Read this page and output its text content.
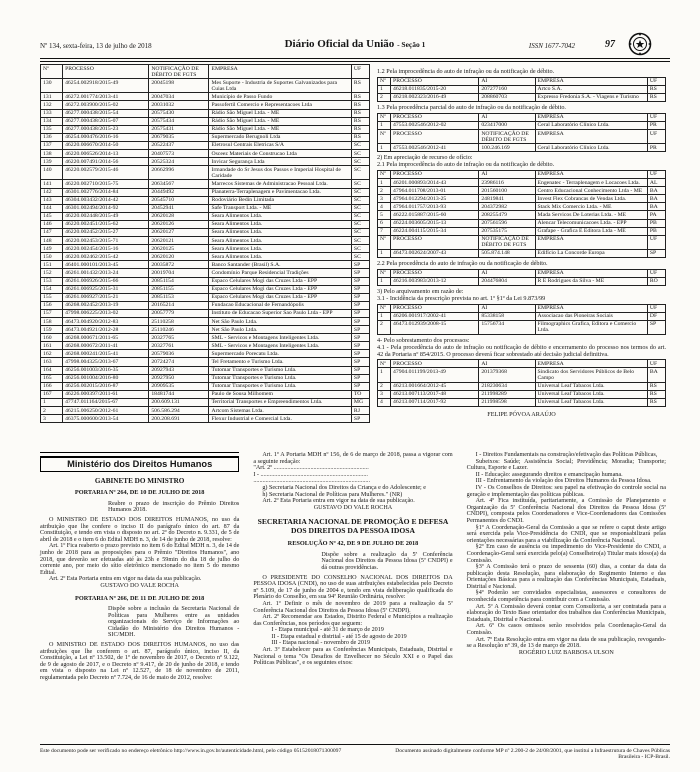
Nº 134, sexta-feira, 13 de julho de 2018	Diário Oficial da União - Seção 1	ISSN 1677-7042	97
130	46254.002918/2015-49	20045198	Mes Suporte - Industria de Suportes Galvanizados para Cuias Ltda	RS
131	46272.001774/2013-41	20047034	Município de Passo Fundo	RS
132	46272.003900/2015-02	20031032	Passofertil Comercio e Representacoes Ltda	RS
133	46277.000438/2015-54	20575430	Rádio São Miguel Ltda. - ME	RS
134	46277.000438/2015-07	20575434	Rádio São Miguel Ltda. - ME	RS
135	46277.000438/2015-23	20575431	Rádio São Miguel Ltda. - ME	RS
136	46254.000476/2016-16	20679035	Supermercado Berugnoli Ltda	RS
137	46220.006670/2014-50	20522437	Eletrosul Centrais Eletricas S/A	SC
138	46220.006526/2014-13	20407573	Osceez Materiais de Construcao Ltda	SC
139	46220.007491/2014-56	20525324	Invicar Segurança Ltda	SC
140	46220.002579/2015-46	20662996	Irmandade do Sr Jesus dos Passos e Imperial Hospital de Caridade	SC
141	46220.002710/2015-75	20634567	Marrecos Sistemas de Administracao Pessoal Ltda.	SC
142	46301.002776/2014-84	20449492	Planaterra-Terraplenagem e Pavimentacao Ltda.	SC
143	46304.003432/2014-42	20545710	Rodoviário Bedin Limitada	SC
144	46301.002494/2014-92	20452941	Safe Transport Ltda. - ME	SC
145	46220.002448/2015-49	20620128	Seara Alimentos Ltda.	SC
146	46220.002451/2015-62	20620126	Seara Alimentos Ltda.	SC
147	46220.002452/2015-27	20620127	Seara Alimentos Ltda.	SC
148	46220.002453/2015-71	20620121	Seara Alimentos Ltda.	SC
149	46220.002454/2015-16	20620125	Seara Alimentos Ltda.	SC
150	46220.002462/2015-42	20620120	Seara Alimentos Ltda.	SC
151	46401.000101/2013-45	20035872	Banco Santander (Brasil) S.A.	SP
152	46261.001432/2013-24	20019704	Condomínio Parque Residencial Tradições	SP
153	46261.006926/2015-66	20851154	Espaco Celulares Mogi das Cruzes Ltda - EPP	SP
154	46261.006925/2015-31	20851155	Espaco Celulares Mogi das Cruzes Ltda - EPP	SP
155	46261.006927/2015-21	20851153	Espaco Celulares Mogi das Cruzes Ltda - EPP	SP
156	46268.002452/2013-19	20165214	Fundacao Educacional de Fernandópolis	SP
157	47998.006225/2013-02	20057779	Instituto de Educacao Superior Sao Paulo Ltda - EPP	SP
158	46473.004920/2012-83	25110258	Net São Paulo Ltda.	SP
159	46473.004921/2012-28	25110246	Net São Paulo Ltda.	SP
160	46268.000671/2011-65	20327765	SML - Servicos e Montagens Inteligentes Ltda.	SP
161	46268.000672/2011-41	20327761	SML - Servicos e Montagens Inteligentes Ltda.	SP
162	46268.000241/2015-41	20579036	Supermercado Porecatu Ltda.	SP
163	47998.004325/2013-67	20724274	Tel Fretamento e Turismo Ltda.	SP
164	46256.001003/2016-35	20927943	Tutomar Transportes e Turismo Ltda.	SP
165	46256.001004/2016-80	20927950	Tutomar Transportes e Turismo Ltda.	SP
166	46256.002015/2016-87	20909535	Tutomar Transportes e Turismo Ltda.	SP
167	46226.000397/2011-61	18481744	Paulo de Sousa Milhomem	TO
Nº	PROCESSO	NOTIFICAÇÃO DE DÉBITO DE FGTS	EMPRESA	UF
1	47747.011164/2015-67	200.609.131	Territorial Transportes e Empreendimentos Ltda.	MG
2	46215.006250/2012-61	506.586.294	Artcom Sistemas Ltda.	RJ
3	46375.000600/2013-54	200.208.691	Flexur Industrial e Comercial Ltda.	SP
1.2 Pela improcedência do auto de infração ou da notificação de débito.
Nº	PROCESSO	AI	EMPRESA	UF
1	46218.011835/2015-20	207277160	Artco S.A.	RS
2	46218.002323/2016-49	208860703	Expresso Fredonia S.A. - Viagens e Turismo	RS
1.3 Pela procedência parcial do auto de infração ou da notificação de débito.
Nº	PROCESSO	AI	EMPRESA	UF
1	47553.002546/2012-02	023417000	Ceral Laboratório Clínico Ltda.	PR
Nº	PROCESSO	NOTIFICAÇÃO DE DÉBITO DE FGTS	EMPRESA	UF
1	47553.002546/2012-41	100.246.169	Ceral Laboratório Clínico Ltda.	PR
2) Em apreciação de recurso de ofício:
2.1 Pela improcedência do auto de infração ou da notificação de débito.
Nº	PROCESSO	AI	EMPRESA	UF
1	46201.000893/2014-43	23986116	Engenatec - Terraplenagem e Locacoes Ltda.	AL
2	47964.011708/2013-01	201560100	Centro Educacional Conhecimento Ltda - ME	BA
3	47964.012294/2013-25	24819841	Invest Flex Cobrancas de Vendas Ltda.	BA
4	47964.011757/2013-93	204372982	Stack Mix Comercio Ltda. - ME	BA
5	46222.015887/2015-60	208255479	Mada Servicos De Loterias Ltda. - ME	PA
6	46224.003605/2015-13	207561596	Alencar Telecomunicacoes Ltda. - EPP	PB
7	46224.004115/2015-34	207535175	Grafape - Grafica E Editora Ltda - ME	PB
Nº	PROCESSO	NOTIFICAÇÃO DE DÉBITO DE FGTS	EMPRESA	UF
1	46473.002624/2007-43	505.874.148	Edifício La Concorde Europa	SP
2.2 Pela procedência do auto de infração ou da notificação de débito.
Nº	PROCESSO	AI	EMPRESA	UF
1	46216.003983/2013-12	204476804	R E Rodrigues da Silva - ME	RO
3) Pelo arquivamento em razão de:
3.1 - Incidência da prescrição prevista no art. 1º §1º da Lei 9.873/99
Nº	PROCESSO	AI	EMPRESA	UF
1	46206.001917/2002-41	85338158	Associacao das Pioneiras Sociais	DF
2	46473.012939/2008-15	15756734	Filmographics Grafica, Editora e Comercio Ltda.	SP
4- Pelo sobrestamento dos processos:
4.1 - Pela procedência do auto de infração ou notificação de débito e encerramento do processo nos termos do art. 42 da Portaria nº 854/2015. O processo deverá ficar sobrestado até decisão judicial definitiva.
Nº	PROCESSO	AI	EMPRESA	UF
1	47904.011199/2013-49	201379368	Sindicato dos Servidores Públicos de Belo Campo	BA
2	46213.001664/2012-45	218230634	Universal Leaf Tabacos Ltda.	RS
3	46213.007113/2017-48	211998289	Universal Leaf Tabacos Ltda.	RS
4	46213.007114/2017-92	211998598	Universal Leaf Tabacos Ltda.	RS
FELIPE PÓVOA ARAÚJO
Ministério dos Direitos Humanos
GABINETE DO MINISTRO
PORTARIA Nº 264, DE 10 DE JULHO DE 2018

Reabre o prazo de inscrição do Prêmio Direitos Humanos 2018.

O MINISTRO DE ESTADO DOS DIREITOS HUMANOS, no uso da atribuição que lhe confere o inciso II do parágrafo único do art. 87 da Constituição, e tendo em vista o disposto no art. 2º do Decreto n. 9.331, de 5 de abril de 2018 e o item 6 do Edital MDH n. 3, de 14 de junho de 2018, resolve:

Art. 1º Fica reaberto o prazo previsto no item 6 do Edital MDH n. 3, de 14 de junho de 2018 para as proposições para o Prêmio "Direitos Humanos", ano 2018, que deverão ser efetuadas até às 23h e 59min do dia 18 de julho do corrente ano, por meio do sítio eletrônico mencionado no item 5 do mesmo Edital.

Art. 2º Esta Portaria entra em vigor na data da sua publicação.

GUSTAVO DO VALE ROCHA

PORTARIA Nº 266, DE 11 DE JULHO DE 2018

Dispõe sobre a inclusão da Secretaria Nacional de Políticas para Mulheres entre as unidades organizacionais do Serviço de Informações ao Cidadão do Ministério dos Direitos Humanos - SIC/MDH.

O MINISTRO DE ESTADO DOS DIREITOS HUMANOS, no uso das atribuições que lhe conferem o art. 87, parágrafo único, inciso II, da Constituição, a Lei nº 13.502, de 1º de novembro de 2017, o Decreto nº 9.122, de 9 de agosto de 2017, e o Decreto nº 9.417, de 20 de junho de 2018, e tendo em vista o disposto na Lei nº 12.527, de 18 de novembro de 2011, regulamentada pelo Decreto nº 7.724, de 16 de maio de 2012, resolve:

Art. 1º A Portaria MDH nº 156, de 6 de março de 2018, passa a vigorar com a seguinte redação:

"Art. 2º ..............................................................

I - ......................................................................

............................................................................

g) Secretaria Nacional dos Direitos da Criança e do Adolescente; e

h) Secretaria Nacional de Políticas para Mulheres." (NR)

Art. 2º Esta Portaria entra em vigor na data de sua publicação.

GUSTAVO DO VALE ROCHA

SECRETARIA NACIONAL DE PROMOÇÃO E DEFESA DOS DIREITOS DA PESSOA IDOSA
RESOLUÇÃO Nº 42, DE 9 DE JULHO DE 2018

Dispõe sobre a realização da 5ª Conferência Nacional dos Direitos da Pessoa Idosa (5ª CNDPI) e dá outras providências.

O PRESIDENTE DO CONSELHO NACIONAL DOS DIREITOS DA PESSOA IDOSA (CNDI), no uso de suas atribuições estabelecidas pelo Decreto nº 5.109, de 17 de junho de 2004 e, tendo em vista deliberação qualificada do Plenário do Conselho, em sua 94ª Reunião Ordinária, resolve:

Art. 1º Definir o mês de novembro de 2019 para a realização da 5ª Conferência Nacional dos Direitos da Pessoa Idosa (5ª CNDPI).

Art. 2º Recomendar aos Estados, Distrito Federal e Municípios a realização das Conferências, nos períodos que seguem:

I - Etapa municipal - até 31 de março de 2019

II - Etapa estadual e distrital - até 15 de agosto de 2019

III - Etapa nacional - novembro de 2019

Art. 3º Estabelecer para as Conferências Municipais, Estaduais, Distrital e Nacional o tema "Os Desafios de Envelhecer no Século XXI e o Papel das Políticas Públicas", e os seguintes eixos:

I - Direitos Fundamentais na construção/efetivação das Políticas Públicas,

Subeixos: Saúde; Assistência Social; Previdência; Moradia; Transporte; Cultura, Esporte e Lazer.

II - Educação: assegurando direitos e emancipação humana.

III - Enfrentamento da violação dos Direitos Humanos da Pessoa Idosa.

IV - Os Conselhos de Direitos: seu papel na efetivação do controle social na geração e implementação das políticas públicas.

Art. 4º Fica instituída, paritariamente, a Comissão de Planejamento e Organização da 5ª Conferência Nacional dos Direitos da Pessoa Idosa (5ª CNDPI), composta pelos Coordenadores e Vice-Coordenadores das Comissões Permanentes do CNDI.

§1º A Coordenação-Geral da Comissão a que se refere o caput deste artigo será exercida pela Vice-Presidência do CNDI, que se responsabilizará pelas orientações necessárias para a viabilização da Conferência Nacional.

§2º Em caso de ausência ou impedimento do Vice-Presidente do CNDI, a Coordenação-Geral será exercida pelo(a) Conselheiro(a) Titular mais idoso(a) da Comissão.

§3º A Comissão terá o prazo de sessenta (60) dias, a contar da data da publicação desta Resolução, para elaboração do Regimento Interno e das Orientações Básicas para a realização das Conferências Municipais, Estaduais, Distrital e Nacional.

§4º Poderão ser convidados especialistas, assessores e consultores de reconhecida competência para contribuir com a Comissão.

Art. 5º A Comissão deverá contar com Consultoria, a ser contratada para a elaboração do Texto Base orientador dos trabalhos das Conferências Municipais, Estaduais, Distrital e Nacional.

Art. 6º Os casos omissos serão resolvidos pela Coordenação-Geral da Comissão.

Art. 7º Esta Resolução entra em vigor na data de sua publicação, revogando-se a Resolução nº 39, de 13 de março de 2018.

ROGÉRIO LUIZ BARBOSA ULSON

Este documento pode ser verificado no endereço eletrônico http://www.in.gov.br/autenticidade.html, pelo código 05152018071300097	Documento assinado digitalmente conforme MP nº 2.200-2 de 24/08/2001, que institui a Infraestrutura de Chaves Públicas Brasileira - ICP-Brasil.
